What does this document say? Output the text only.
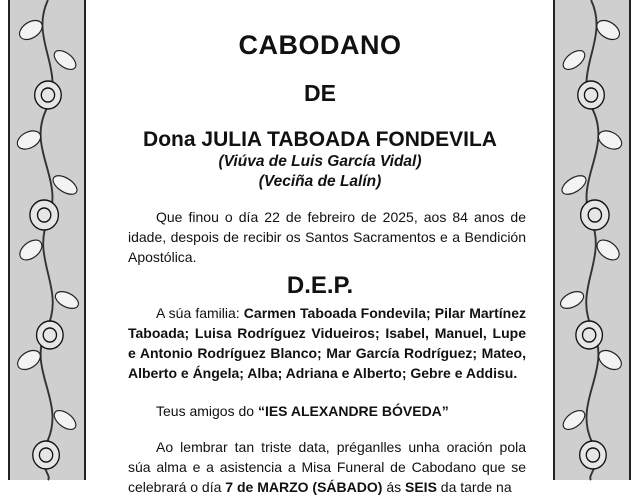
CABODANO
DE
Dona JULIA TABOADA FONDEVILA
(Viúva de Luis García Vidal)
(Veciña de Lalín)
Que finou o día 22 de febreiro de 2025, aos 84 anos de idade, despois de recibir os Santos Sacramentos e a Bendición Apostólica.
D.E.P.
A súa familia: Carmen Taboada Fondevila; Pilar Martínez Taboada; Luisa Rodríguez Vidueiros; Isabel, Manuel, Lupe e Antonio Rodríguez Blanco; Mar García Rodríguez; Mateo, Alberto e Ángela; Alba; Adriana e Alberto; Gebre e Addisu.
Teus amigos do “IES ALEXANDRE BÓVEDA”
Ao lembrar tan triste data, préganlles unha oración pola súa alma e a asistencia a Misa Funeral de Cabodano que se celebrará o día 7 de MARZO (SÁBADO) ás SEIS da tarde na
